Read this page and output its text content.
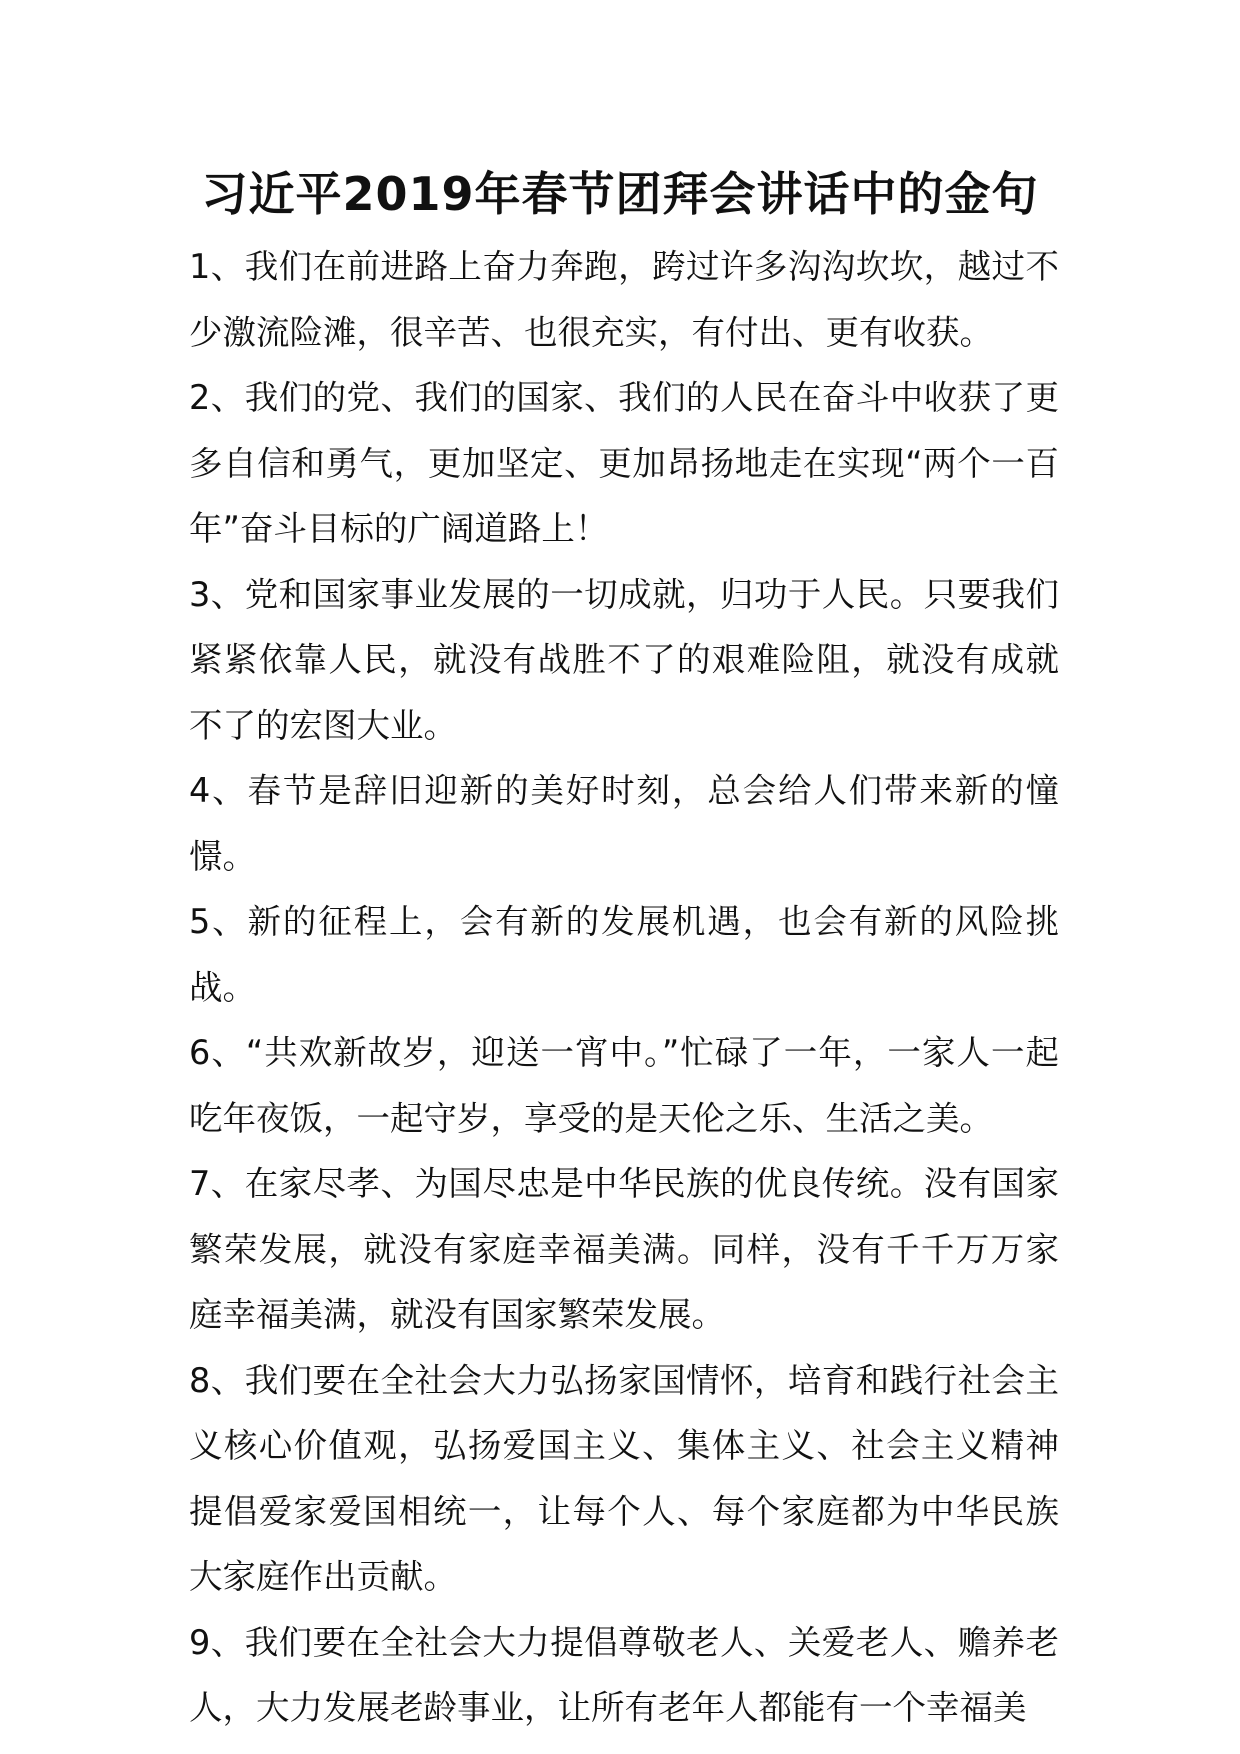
习近平2019年春节团拜会讲话中的金句

1、我们在前进路上奋力奔跑，跨过许多沟沟坎坎，越过不少激流险滩，很辛苦、也很充实，有付出、更有收获。

2、我们的党、我们的国家、我们的人民在奋斗中收获了更多自信和勇气，更加坚定、更加昂扬地走在实现“两个一百年”奋斗目标的广阔道路上！

3、党和国家事业发展的一切成就，归功于人民。只要我们紧紧依靠人民，就没有战胜不了的艰难险阻，就没有成就不了的宏图大业。

4、春节是辞旧迎新的美好时刻，总会给人们带来新的憧憬。

5、新的征程上，会有新的发展机遇，也会有新的风险挑战。

6、“共欢新故岁，迎送一宵中。”忙碌了一年，一家人一起吃年夜饭，一起守岁，享受的是天伦之乐、生活之美。

7、在家尽孝、为国尽忠是中华民族的优良传统。没有国家繁荣发展，就没有家庭幸福美满。同样，没有千千万万家庭幸福美满，就没有国家繁荣发展。

8、我们要在全社会大力弘扬家国情怀，培育和践行社会主义核心价值观，弘扬爱国主义、集体主义、社会主义精神提倡爱家爱国相统一，让每个人、每个家庭都为中华民族大家庭作出贡献。

9、我们要在全社会大力提倡尊敬老人、关爱老人、赡养老人，大力发展老龄事业，让所有老年人都能有一个幸福美
